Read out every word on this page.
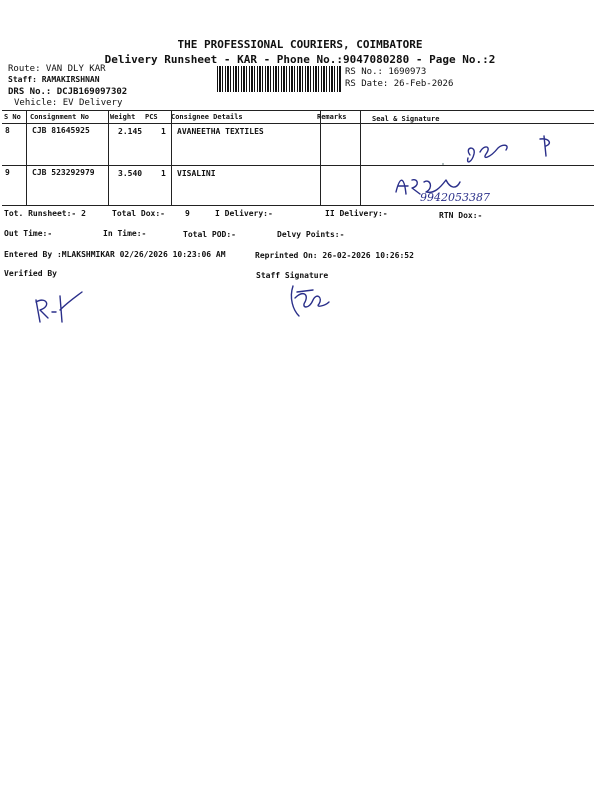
THE PROFESSIONAL COURIERS, COIMBATORE
Delivery Runsheet - KAR - Phone No.:9047080280 - Page No.:2
Route: VAN DLY KAR
Staff: RAMAKIRSHNAN
DRS No.: DCJB169097302
Vehicle: EV Delivery
RS No.: 1690973
RS Date: 26-Feb-2026
S No Consignment No	Weight PCS Consignee Details	Remarks	Seal & Signature
8	CJB 81645925	2.145 1 AVANEETHA TEXTILES
9	CJB 523292979	3.540 1 VISALINI
9942053387
Tot. Runsheet:- 2	Total Dox:-	9	I Delivery:-	II Delivery:-	RTN Dox:-
Out Time:-	In Time:-	Total POD:-	Delvy Points:-
Entered By :MLAKSHMIKAR 02/26/2026 10:23:06 AM	Reprinted On: 26-02-2026 10:26:52
Verified By	Staff Signature
